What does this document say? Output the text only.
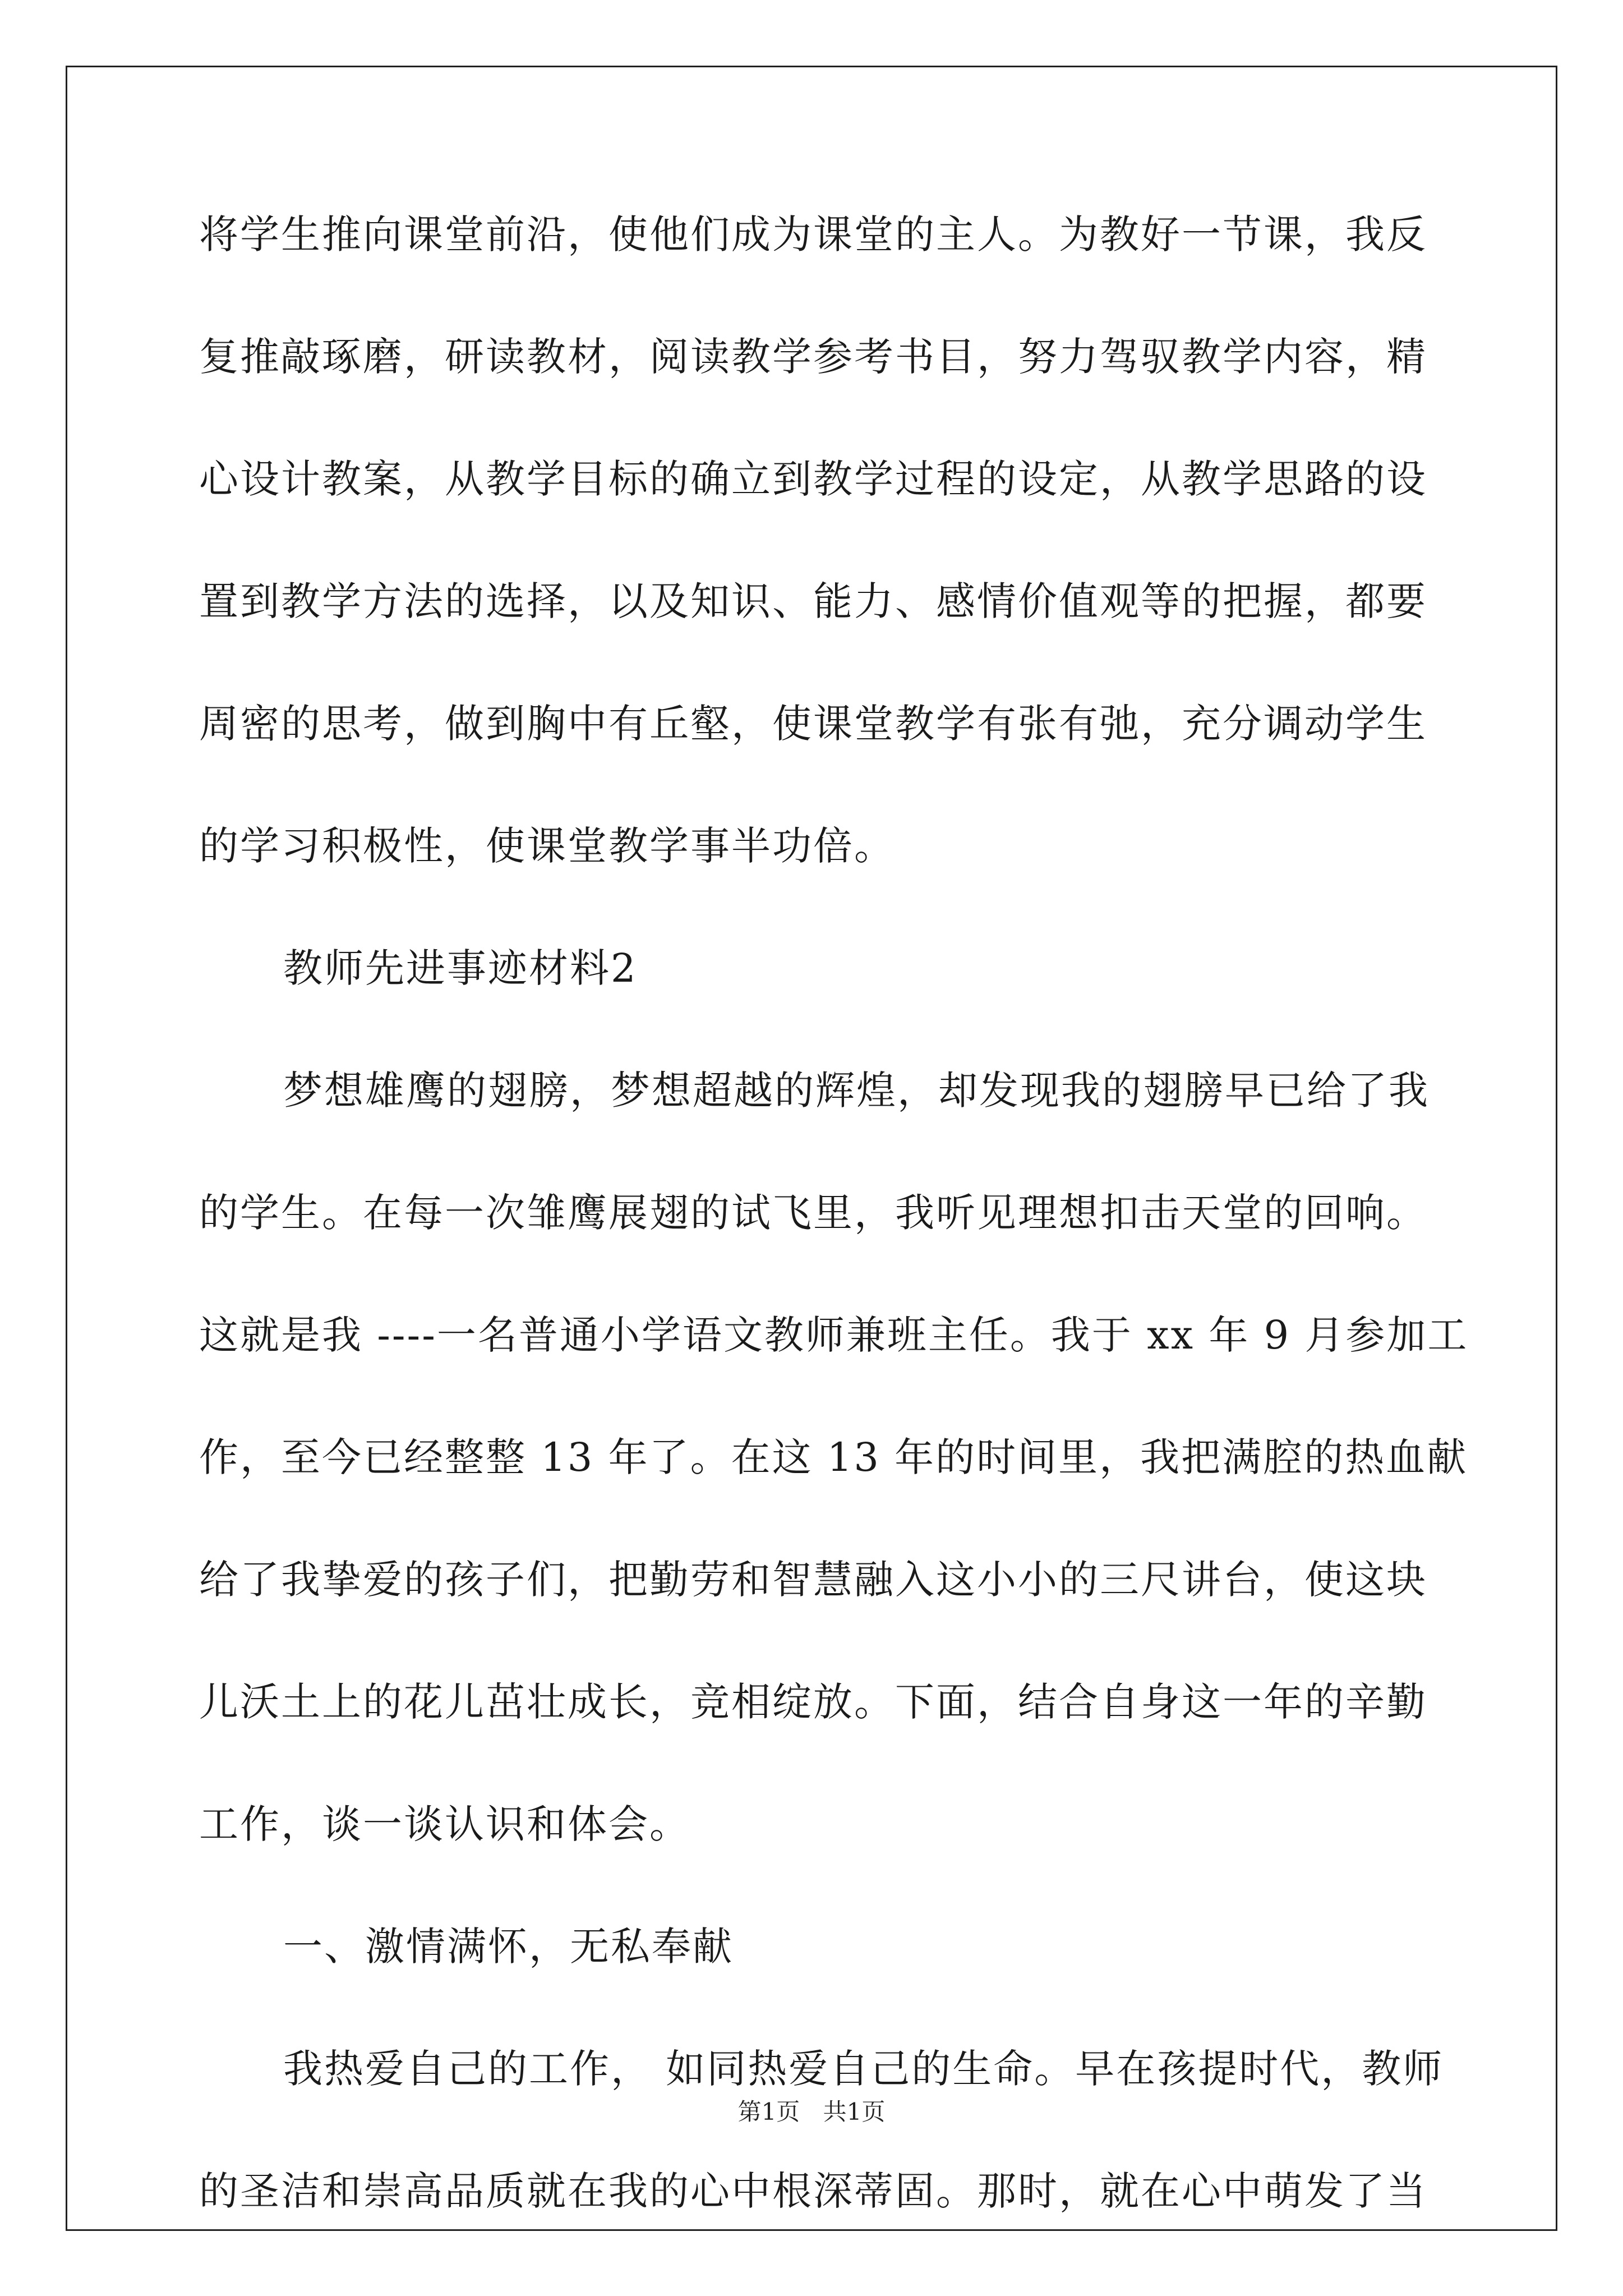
将学生推向课堂前沿，使他们成为课堂的主人。为教好一节课，我反
复推敲琢磨，研读教材，阅读教学参考书目，努力驾驭教学内容，精
心设计教案，从教学目标的确立到教学过程的设定，从教学思路的设
置到教学方法的选择，以及知识、能力、感情价值观等的把握，都要
周密的思考，做到胸中有丘壑，使课堂教学有张有弛，充分调动学生
的学习积极性，使课堂教学事半功倍。
教师先进事迹材料2
梦想雄鹰的翅膀，梦想超越的辉煌，却发现我的翅膀早已给了我
的学生。在每一次雏鹰展翅的试飞里，我听见理想扣击天堂的回响。
这就是我 ----一名普通小学语文教师兼班主任。我于 xx 年 9 月参加工
作，至今已经整整 13 年了。在这 13 年的时间里，我把满腔的热血献
给了我挚爱的孩子们，把勤劳和智慧融入这小小的三尺讲台，使这块
儿沃土上的花儿茁壮成长，竞相绽放。下面，结合自身这一年的辛勤
工作，谈一谈认识和体会。
一、激情满怀，无私奉献
我热爱自己的工作， 如同热爱自己的生命。早在孩提时代，教师
的圣洁和崇高品质就在我的心中根深蒂固。那时，就在心中萌发了当
第1页 共1页
